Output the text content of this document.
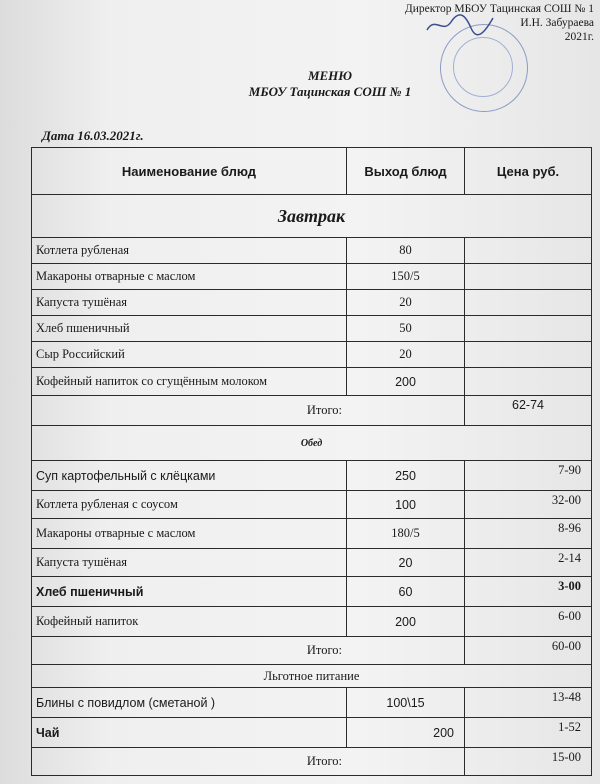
Директор МБОУ Тацинская СОШ № 1
И.Н. Забураева
2021г.
МЕНЮ
МБОУ Тацинская СОШ № 1
Дата 16.03.2021г.
Наименование блюд	Выход блюд	Цена руб.
Завтрак		
Котлета рубленая	80	
Макароны отварные с маслом	150/5	
Капуста тушёная	20	
Хлеб пшеничный	50	
Сыр Российский	20	
Кофейный напиток со сгущённым молоком	200	
Итого:		62-74
Обед		
Суп картофельный с клёцками	250	7-90
Котлета рубленая с соусом	100	32-00
Макароны отварные с маслом	180/5	8-96
Капуста тушёная	20	2-14
Хлеб пшеничный	60	3-00
Кофейный напиток	200	6-00
Итого:		60-00
Льготное питание		
Блины с повидлом (сметаной )	100\15	13-48
Чай	200	1-52
Итого:		15-00
